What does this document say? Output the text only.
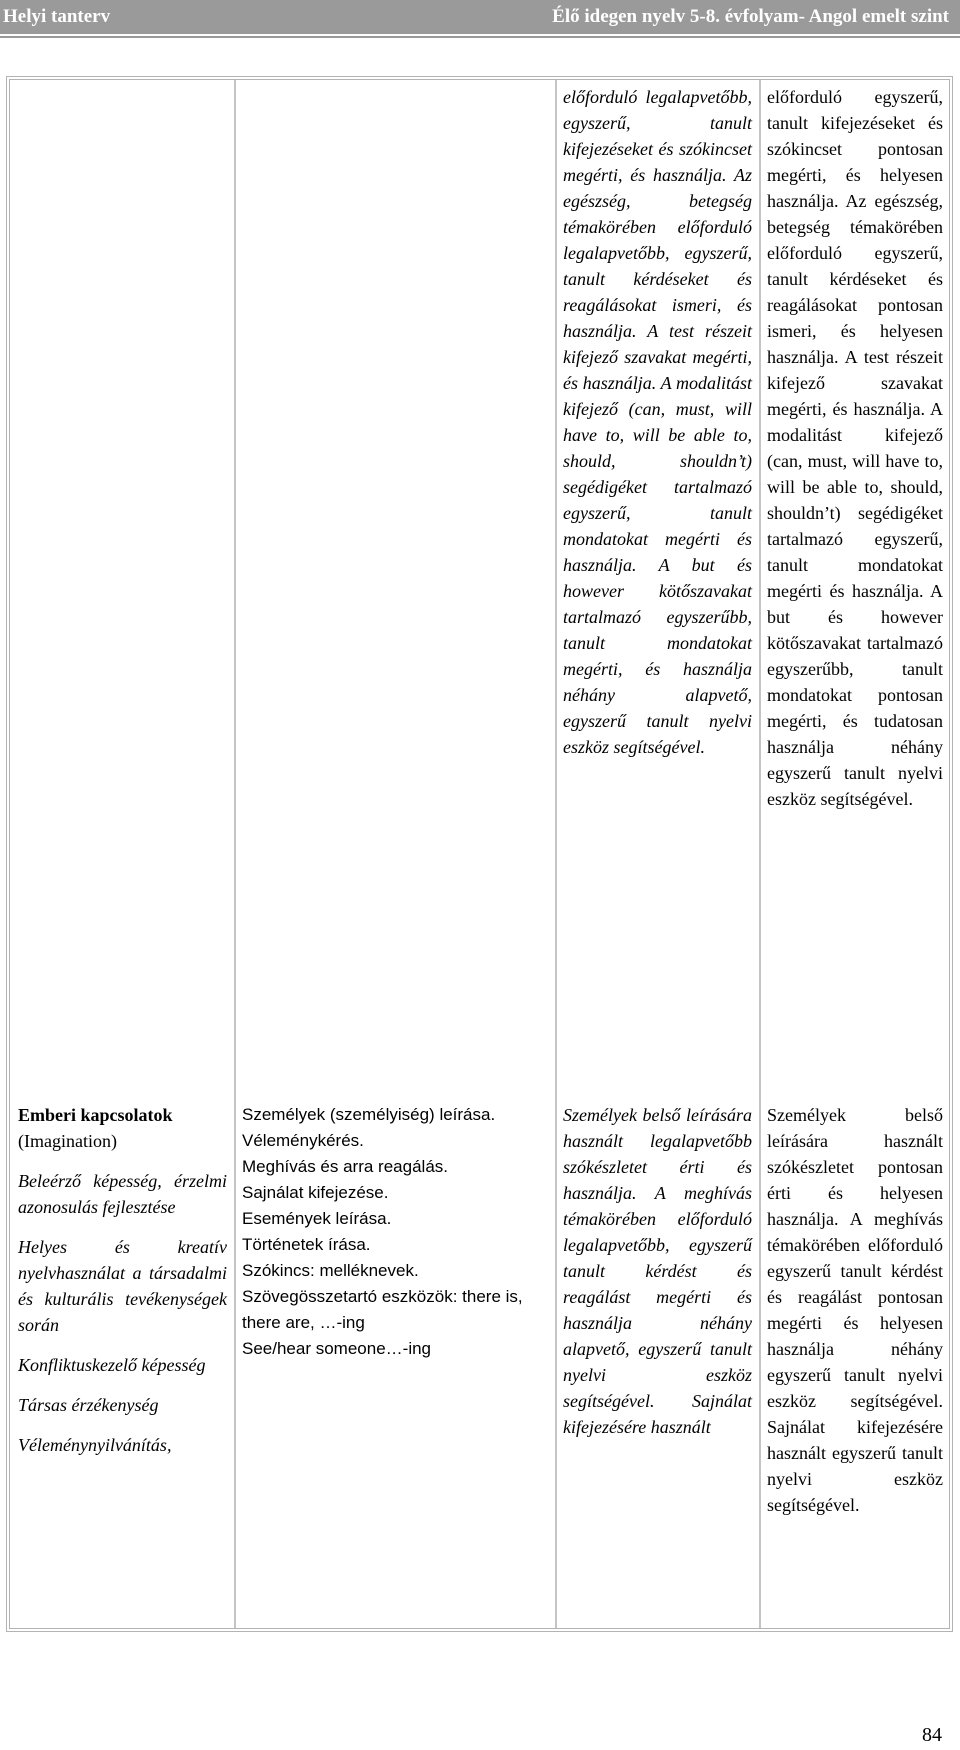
Helyi tanterv	Élő idegen nyelv 5-8. évfolyam- Angol emelt szint
Emberi kapcsolatok
(Imagination)
Beleérző képesség, érzelmi azonosulás fejlesztése
Helyes és kreatív nyelvhasználat a társadalmi és kulturális tevékenységek során
Konfliktuskezelő képesség
Társas érzékenység
Véleménynyilvánítás,
Személyek (személyiség) leírása.
Véleménykérés.
Meghívás és arra reagálás.
Sajnálat kifejezése.
Események leírása.
Történetek írása.
Szókincs: melléknevek.
Szövegösszetartó eszközök: there is, there are, …-ing
See/hear someone…-ing
előforduló legalapvetőbb, egyszerű, tanult kifejezéseket és szókincset megérti, és használja. Az egészség, betegség témakörében előforduló legalapvetőbb, egyszerű, tanult kérdéseket és reagálásokat ismeri, és használja. A test részeit kifejező szavakat megérti, és használja. A modalitást kifejező (can, must, will have to, will be able to, should, shouldn’t) segédigéket tartalmazó egyszerű, tanult mondatokat megérti és használja. A but és however kötőszavakat tartalmazó egyszerűbb, tanult mondatokat megérti, és használja néhány alapvető, egyszerű tanult nyelvi eszköz segítségével.
Személyek belső leírására használt legalapvetőbb szókészletet érti és használja. A meghívás témakörében előforduló legalapvetőbb, egyszerű tanult kérdést és reagálást megérti és használja néhány alapvető, egyszerű tanult nyelvi eszköz segítségével. Sajnálat kifejezésére használt
előforduló egyszerű, tanult kifejezéseket és szókincset pontosan megérti, és helyesen használja. Az egészség, betegség témakörében előforduló egyszerű, tanult kérdéseket és reagálásokat pontosan ismeri, és helyesen használja. A test részeit kifejező szavakat megérti, és használja. A modalitást kifejező (can, must, will have to, will be able to, should, shouldn’t) segédigéket tartalmazó egyszerű, tanult mondatokat megérti és használja. A but és however kötőszavakat tartalmazó egyszerűbb, tanult mondatokat pontosan megérti, és tudatosan használja néhány egyszerű tanult nyelvi eszköz segítségével.
Személyek belső leírására használt szókészletet pontosan érti és helyesen használja. A meghívás témakörében előforduló egyszerű tanult kérdést és reagálást pontosan megérti és helyesen használja néhány egyszerű tanult nyelvi eszköz segítségével. Sajnálat kifejezésére használt egyszerű tanult nyelvi eszköz segítségével.
84
